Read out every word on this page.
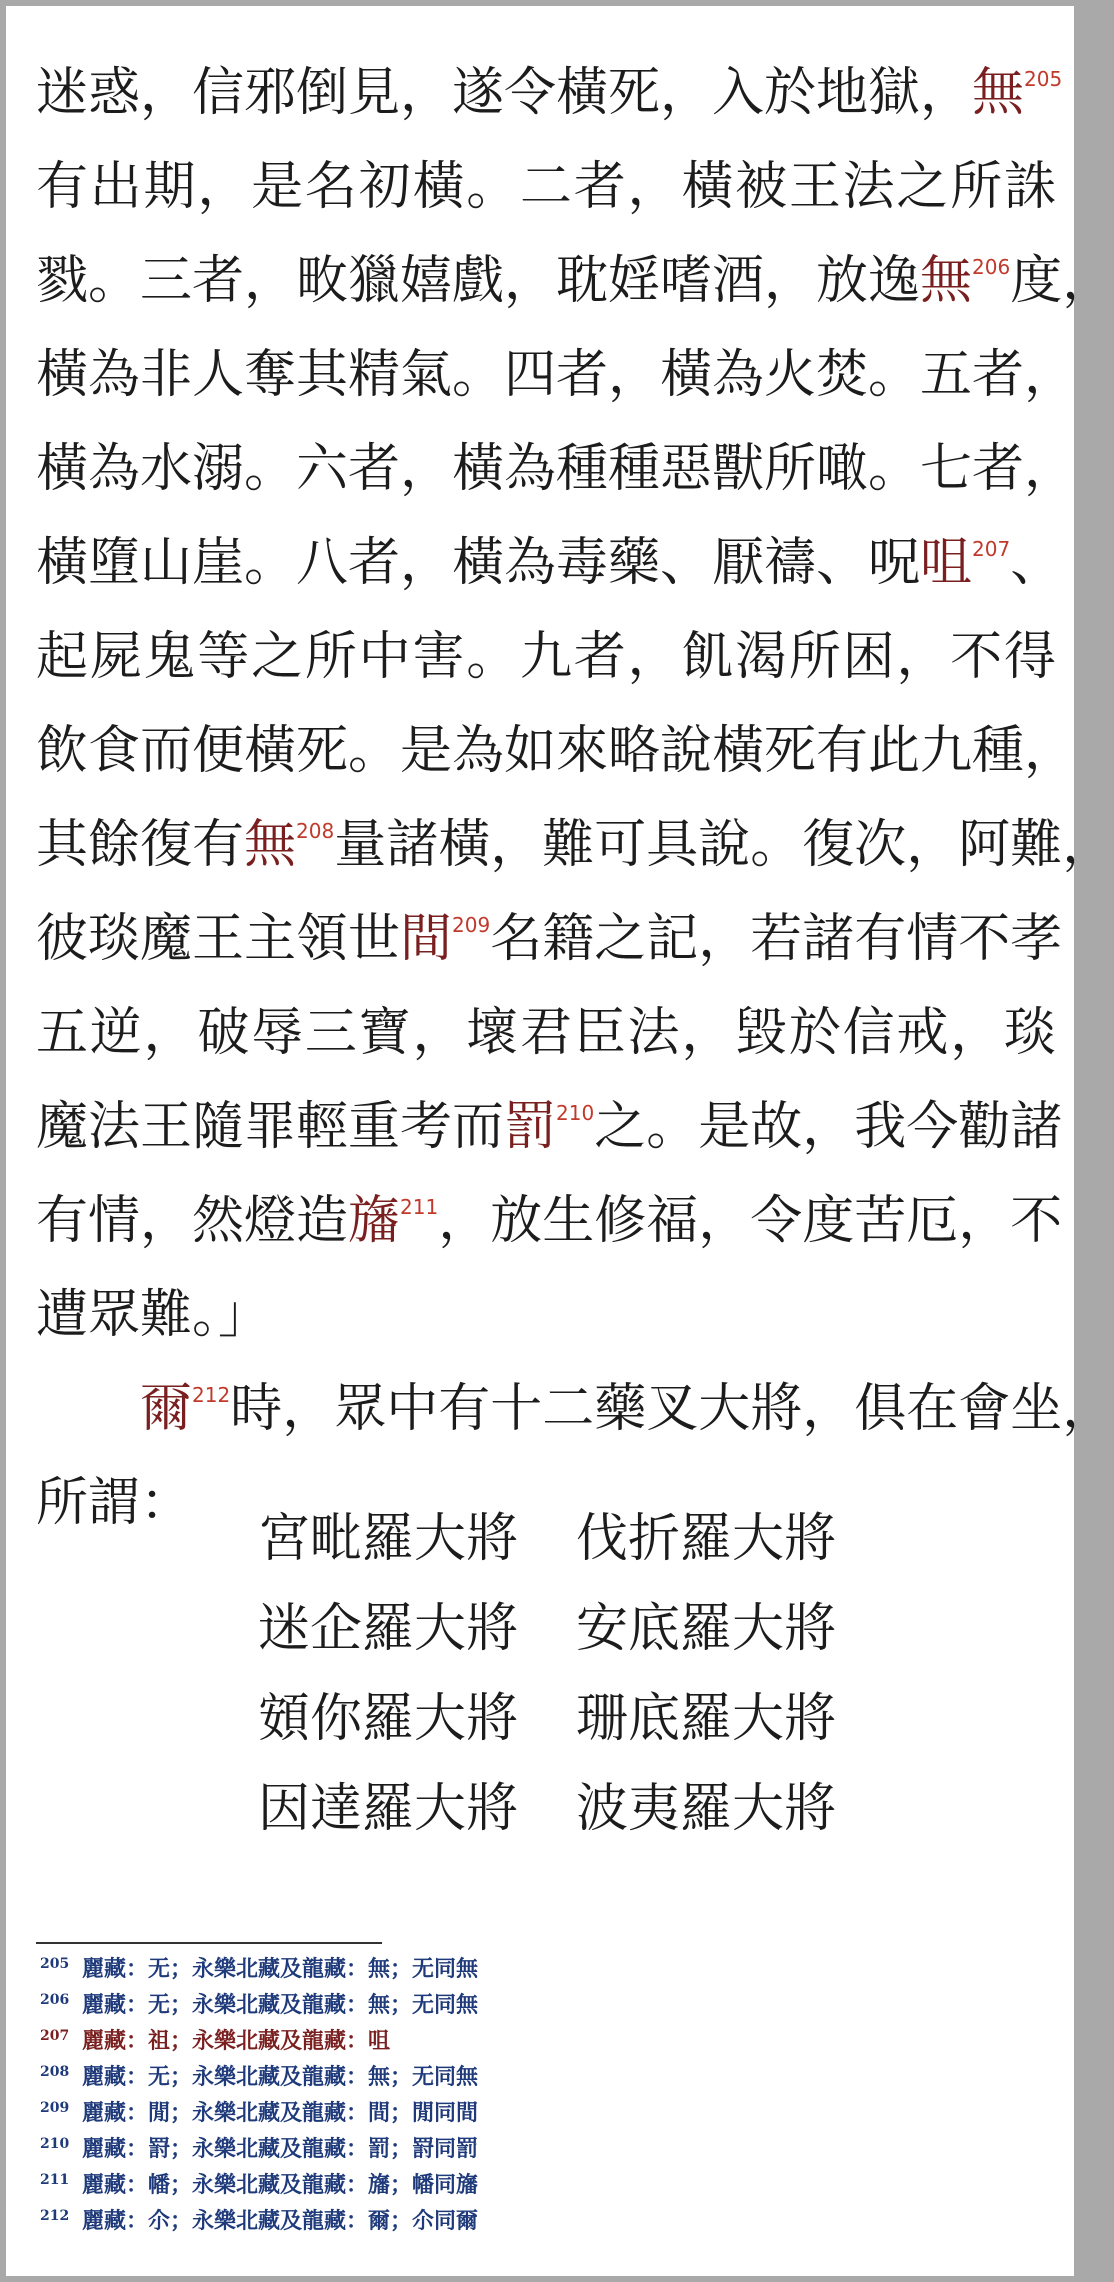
迷惑，信邪倒見，遂令橫死，入於地獄，無$^{205}$
有出期，是名初橫。二者，橫被王法之所誅
戮。三者，畋獵嬉戲，耽婬嗜酒，放逸無$^{206}$度，
橫為非人奪其精氣。四者，橫為火焚。五者，
橫為水溺。六者，橫為種種惡獸所噉。七者，
橫墮山崖。八者，橫為毒藥、厭禱、呪咀$^{207}$、
起屍鬼等之所中害。九者，飢渴所困，不得
飲食而便橫死。是為如來略說橫死有此九種，
其餘復有無$^{208}$量諸橫，難可具說。復次，阿難，
彼琰魔王主領世間$^{209}$名籍之記，若諸有情不孝
五逆，破辱三寶，壞君臣法，毀於信戒，琰
魔法王隨罪輕重考而罰$^{210}$之。是故，我今勸諸
有情，然燈造旛$^{211}$，放生修福，令度苦厄，不
遭眾難。」
爾$^{212}$時，眾中有十二藥叉大將，俱在會坐，
所謂：
宮毗羅大將	伐折羅大將
迷企羅大將	安底羅大將
頞你羅大將	珊底羅大將
因達羅大將	波夷羅大將
205 麗藏：无；永樂北藏及龍藏：無；无同無
206 麗藏：无；永樂北藏及龍藏：無；无同無
207 麗藏：祖；永樂北藏及龍藏：咀
208 麗藏：无；永樂北藏及龍藏：無；无同無
209 麗藏：閒；永樂北藏及龍藏：間；閒同間
210 麗藏：罸；永樂北藏及龍藏：罰；罸同罰
211 麗藏：幡；永樂北藏及龍藏：旛；幡同旛
212 麗藏：尒；永樂北藏及龍藏：爾；尒同爾
